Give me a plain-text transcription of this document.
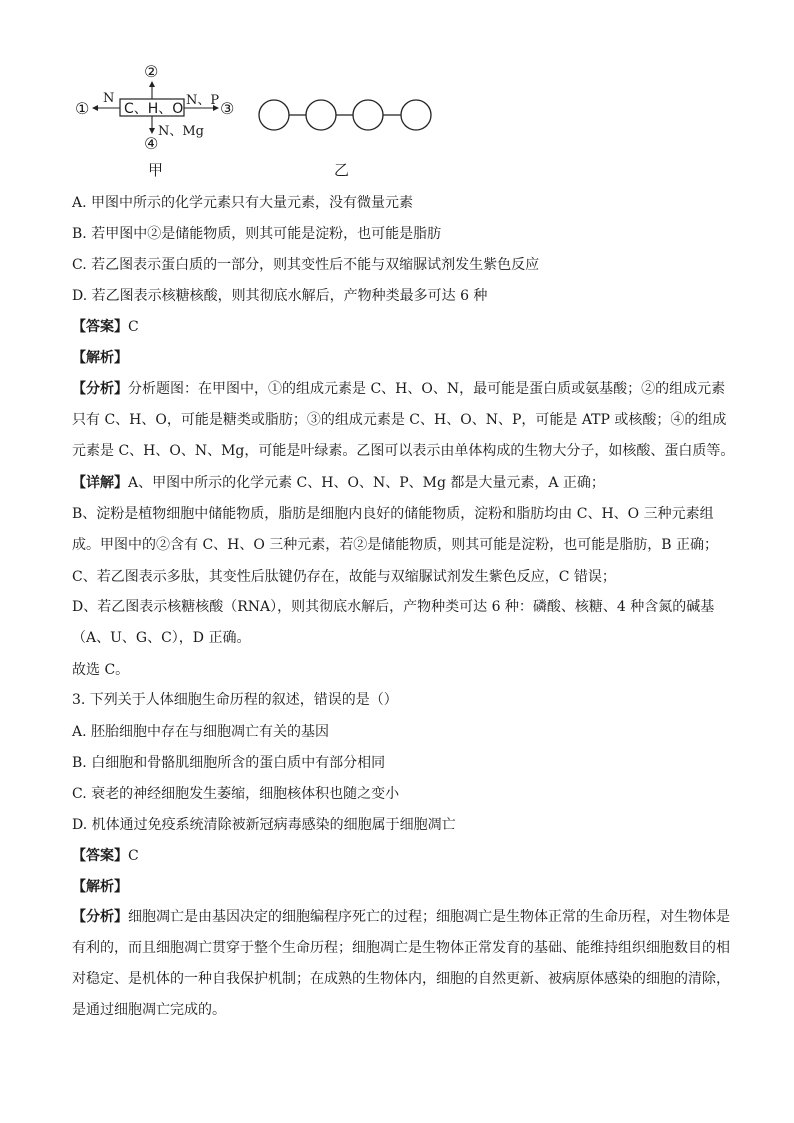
C、H、O
①
②
③
④
N	N、P
N、Mg
甲	乙
A. 甲图中所示的化学元素只有大量元素，没有微量元素
B. 若甲图中②是储能物质，则其可能是淀粉，也可能是脂肪
C. 若乙图表示蛋白质的一部分，则其变性后不能与双缩脲试剂发生紫色反应
D. 若乙图表示核糖核酸，则其彻底水解后，产物种类最多可达 6 种
【答案】C
【解析】
【分析】分析题图：在甲图中，①的组成元素是 C、H、O、N，最可能是蛋白质或氨基酸；②的组成元素只有 C、H、O，可能是糖类或脂肪；③的组成元素是 C、H、O、N、P，可能是 ATP 或核酸；④的组成元素是 C、H、O、N、Mg，可能是叶绿素。乙图可以表示由单体构成的生物大分子，如核酸、蛋白质等。
【详解】A、甲图中所示的化学元素 C、H、O、N、P、Mg 都是大量元素，A 正确；
B、淀粉是植物细胞中储能物质，脂肪是细胞内良好的储能物质，淀粉和脂肪均由 C、H、O 三种元素组成。甲图中的②含有 C、H、O 三种元素，若②是储能物质，则其可能是淀粉，也可能是脂肪，B 正确；
C、若乙图表示多肽，其变性后肽键仍存在，故能与双缩脲试剂发生紫色反应，C 错误；
D、若乙图表示核糖核酸（RNA），则其彻底水解后，产物种类可达 6 种：磷酸、核糖、4 种含氮的碱基（A、U、G、C），D 正确。
故选 C。
3. 下列关于人体细胞生命历程的叙述，错误的是（）
A. 胚胎细胞中存在与细胞凋亡有关的基因
B. 白细胞和骨骼肌细胞所含的蛋白质中有部分相同
C. 衰老的神经细胞发生萎缩，细胞核体积也随之变小
D. 机体通过免疫系统清除被新冠病毒感染的细胞属于细胞凋亡
【答案】C
【解析】
【分析】细胞凋亡是由基因决定的细胞编程序死亡的过程；细胞凋亡是生物体正常的生命历程，对生物体是有利的，而且细胞凋亡贯穿于整个生命历程；细胞凋亡是生物体正常发育的基础、能维持组织细胞数目的相对稳定、是机体的一种自我保护机制；在成熟的生物体内，细胞的自然更新、被病原体感染的细胞的清除，是通过细胞凋亡完成的。
